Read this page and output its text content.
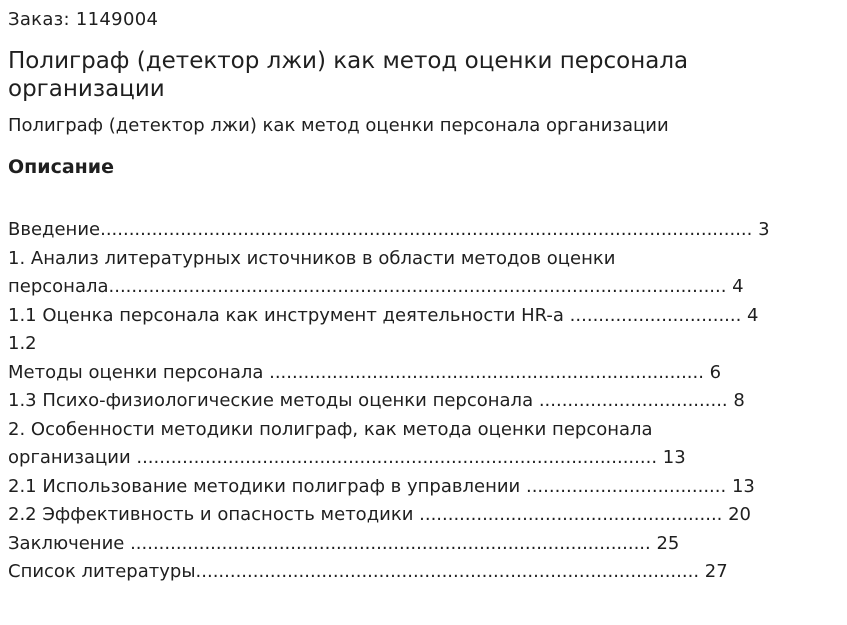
Заказ: 1149004

Полиграф (детектор лжи) как метод оценки персонала организации

Полиграф (детектор лжи) как метод оценки персонала организации

Описание
Введение.................................................................................................................. 3
1. Анализ литературных источников в области методов оценки
персонала............................................................................................................ 4
1.1 Оценка персонала как инструмент деятельности HR-а .............................. 4
1.2
Методы оценки персонала ............................................................................ 6
1.3 Психо-физиологические методы оценки персонала ................................. 8
2. Особенности методики полиграф, как метода оценки персонала
организации ........................................................................................... 13
2.1 Использование методики полиграф в управлении ................................... 13
2.2 Эффективность и опасность методики ..................................................... 20
Заключение ........................................................................................... 25
Список литературы........................................................................................ 27
